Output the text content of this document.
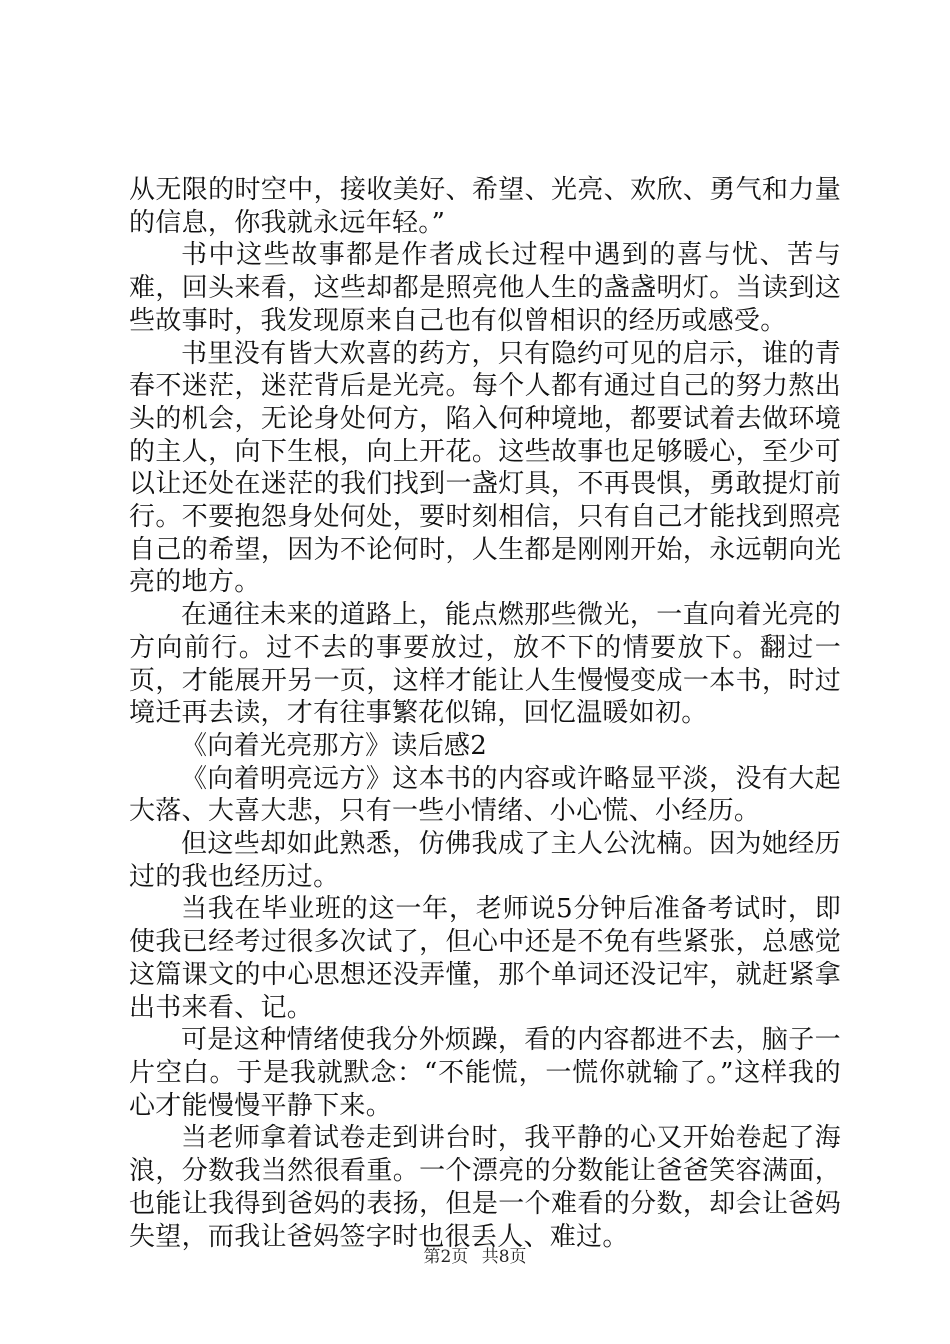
从无限的时空中，接收美好、希望、光亮、欢欣、勇气和力量的信息，你我就永远年轻。”

书中这些故事都是作者成长过程中遇到的喜与忧、苦与难，回头来看，这些却都是照亮他人生的盏盏明灯。当读到这些故事时，我发现原来自己也有似曾相识的经历或感受。

书里没有皆大欢喜的药方，只有隐约可见的启示，谁的青春不迷茫，迷茫背后是光亮。每个人都有通过自己的努力熬出头的机会，无论身处何方，陷入何种境地，都要试着去做环境的主人，向下生根，向上开花。这些故事也足够暖心，至少可以让还处在迷茫的我们找到一盏灯具，不再畏惧，勇敢提灯前行。不要抱怨身处何处，要时刻相信，只有自己才能找到照亮自己的希望，因为不论何时，人生都是刚刚开始，永远朝向光亮的地方。

在通往未来的道路上，能点燃那些微光，一直向着光亮的方向前行。过不去的事要放过，放不下的情要放下。翻过一页，才能展开另一页，这样才能让人生慢慢变成一本书，时过境迁再去读，才有往事繁花似锦，回忆温暖如初。

《向着光亮那方》读后感2

《向着明亮远方》这本书的内容或许略显平淡，没有大起大落、大喜大悲，只有一些小情绪、小心慌、小经历。

但这些却如此熟悉，仿佛我成了主人公沈楠。因为她经历过的我也经历过。

当我在毕业班的这一年，老师说5分钟后准备考试时，即使我已经考过很多次试了，但心中还是不免有些紧张，总感觉这篇课文的中心思想还没弄懂，那个单词还没记牢，就赶紧拿出书来看、记。

可是这种情绪使我分外烦躁，看的内容都进不去，脑子一片空白。于是我就默念：“不能慌，一慌你就输了。”这样我的心才能慢慢平静下来。

当老师拿着试卷走到讲台时，我平静的心又开始卷起了海浪，分数我当然很看重。一个漂亮的分数能让爸爸笑容满面，也能让我得到爸妈的表扬，但是一个难看的分数，却会让爸妈失望，而我让爸妈签字时也很丢人、难过。

第2页 共8页
